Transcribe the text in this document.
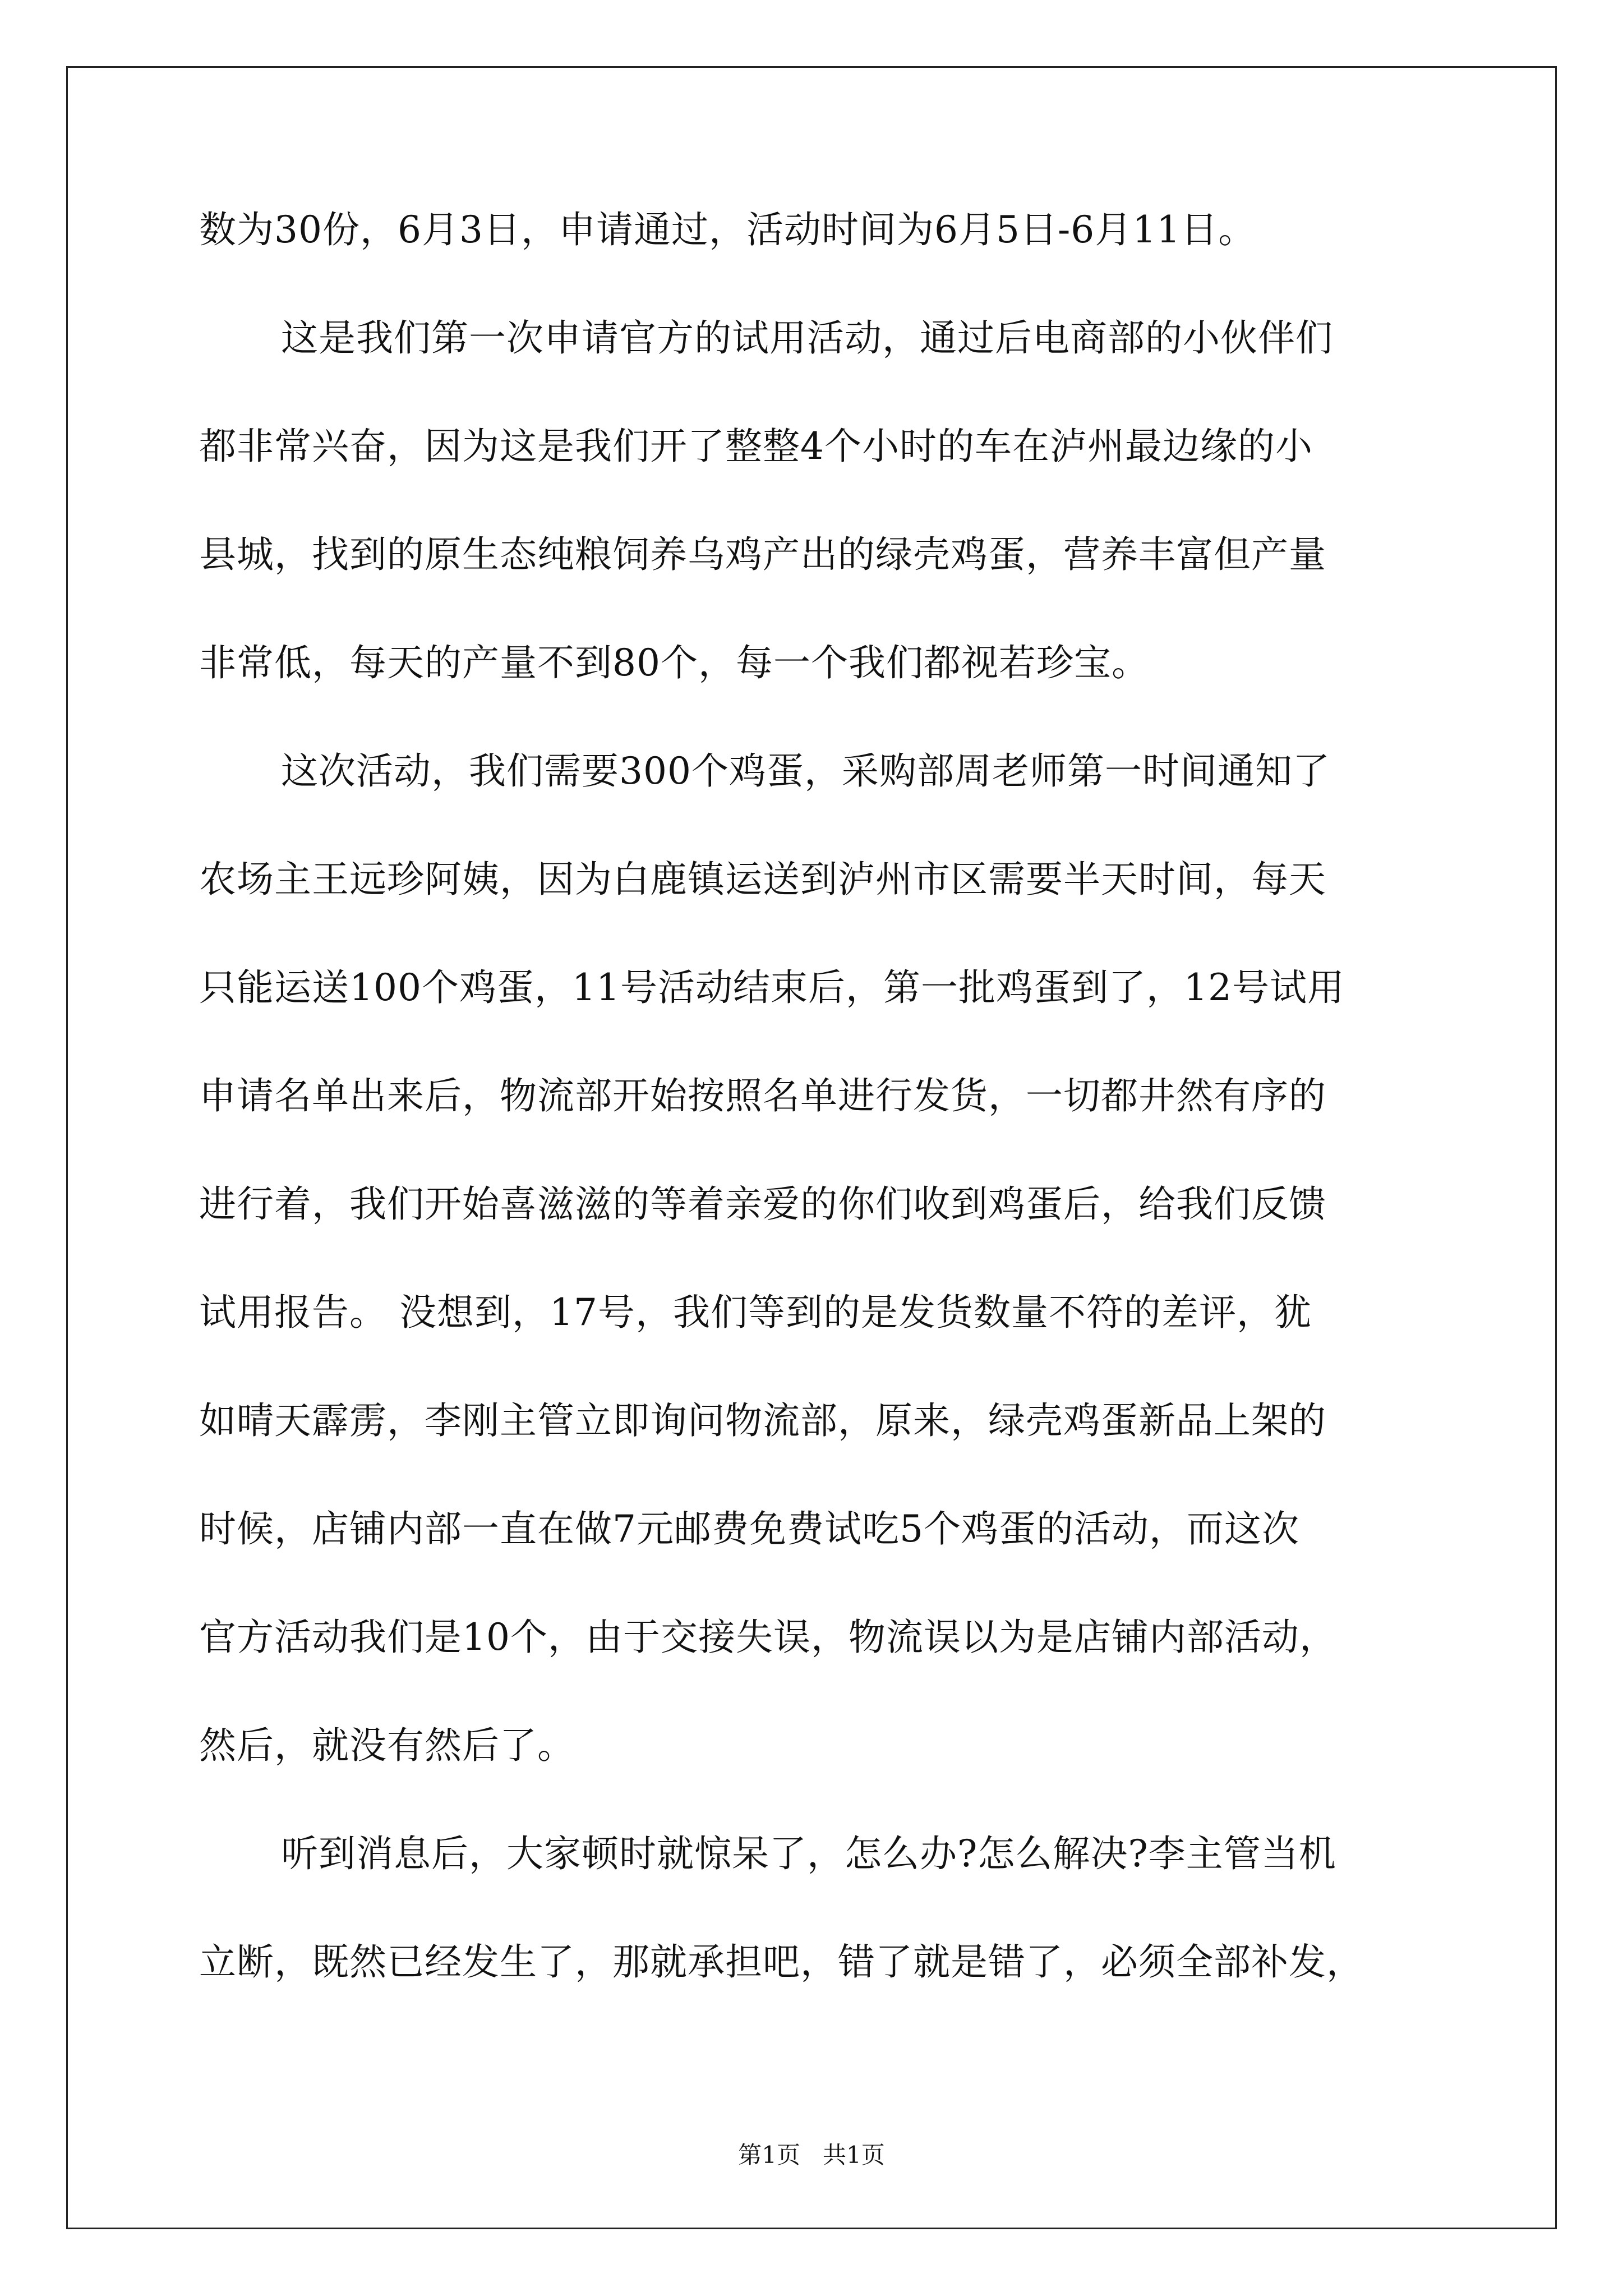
数为30份，6月3日，申请通过，活动时间为6月5日-6月11日。
这是我们第一次申请官方的试用活动，通过后电商部的小伙伴们
都非常兴奋，因为这是我们开了整整4个小时的车在泸州最边缘的小
县城，找到的原生态纯粮饲养乌鸡产出的绿壳鸡蛋，营养丰富但产量
非常低，每天的产量不到80个，每一个我们都视若珍宝。
这次活动，我们需要300个鸡蛋，采购部周老师第一时间通知了
农场主王远珍阿姨，因为白鹿镇运送到泸州市区需要半天时间，每天
只能运送100个鸡蛋，11号活动结束后，第一批鸡蛋到了，12号试用
申请名单出来后，物流部开始按照名单进行发货，一切都井然有序的
进行着，我们开始喜滋滋的等着亲爱的你们收到鸡蛋后，给我们反馈
试用报告。 没想到，17号，我们等到的是发货数量不符的差评，犹
如晴天霹雳，李刚主管立即询问物流部，原来，绿壳鸡蛋新品上架的
时候，店铺内部一直在做7元邮费免费试吃5个鸡蛋的活动，而这次
官方活动我们是10个，由于交接失误，物流误以为是店铺内部活动，
然后，就没有然后了。
听到消息后，大家顿时就惊呆了，怎么办?怎么解决?李主管当机
立断，既然已经发生了，那就承担吧，错了就是错了，必须全部补发，
第1页   共1页
